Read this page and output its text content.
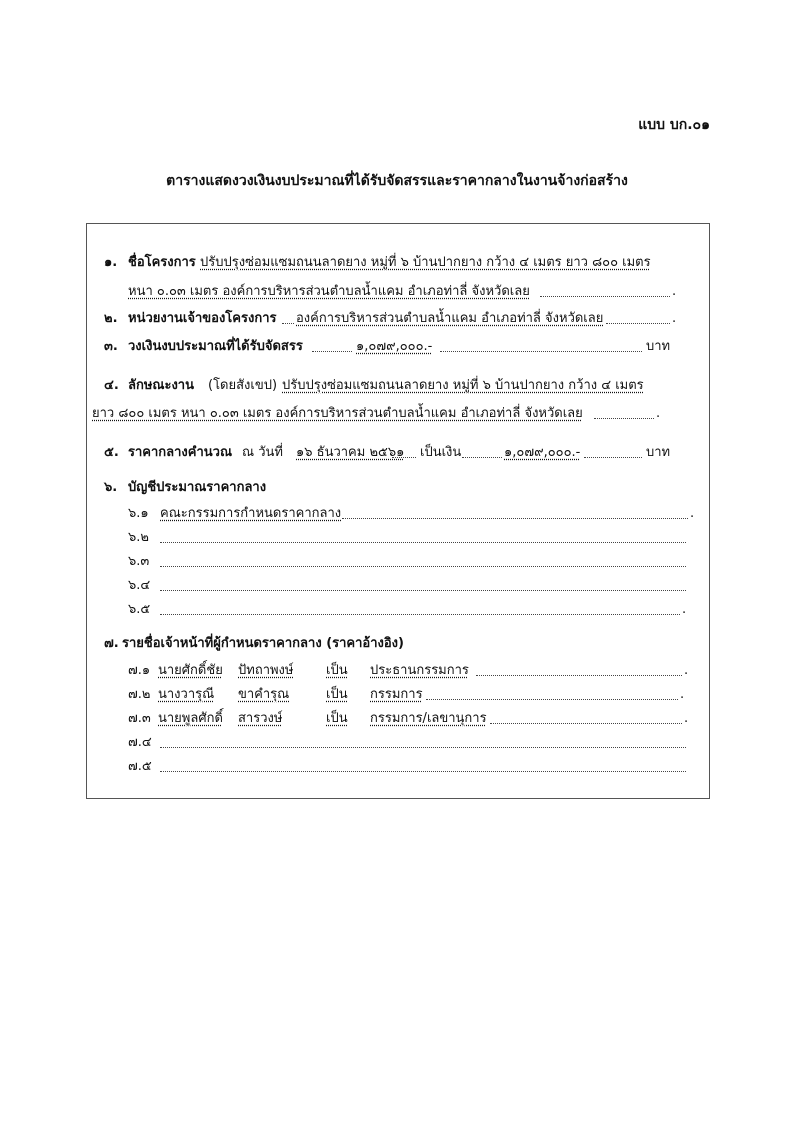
แบบ บก.๐๑
ตารางแสดงวงเงินงบประมาณที่ได้รับจัดสรรและราคากลางในงานจ้างก่อสร้าง
๑. ชื่อโครงการ ปรับปรุงซ่อมแซมถนนลาดยาง หมู่ที่ ๖ บ้านปากยาง กว้าง ๔ เมตร ยาว ๘๐๐ เมตร
หนา ๐.๐๓ เมตร องค์การบริหารส่วนตำบลน้ำแคม อำเภอท่าลี่ จังหวัดเลย	.
๒. หน่วยงานเจ้าของโครงการ องค์การบริหารส่วนตำบลน้ำแคม อำเภอท่าลี่ จังหวัดเลย	.
๓. วงเงินงบประมาณที่ได้รับจัดสรร	๑,๐๗๙,๐๐๐.-	บาท
๔. ลักษณะงาน (โดยสังเขป) ปรับปรุงซ่อมแซมถนนลาดยาง หมู่ที่ ๖ บ้านปากยาง กว้าง ๔ เมตร
ยาว ๘๐๐ เมตร หนา ๐.๐๓ เมตร องค์การบริหารส่วนตำบลน้ำแคม อำเภอท่าลี่ จังหวัดเลย	.
๕. ราคากลางคำนวณ ณ วันที่ ๑๖ ธันวาคม ๒๕๖๑ เป็นเงิน	๑,๐๗๙,๐๐๐.-	บาท
๖. บัญชีประมาณราคากลาง
๖.๑ คณะกรรมการกำหนดราคากลาง	.
๖.๒
๖.๓
๖.๔
๖.๕	.
๗. รายชื่อเจ้าหน้าที่ผู้กำหนดราคากลาง (ราคาอ้างอิง)
๗.๑ นายศักดิ์ชัย ปัทถาพงษ์	เป็น ประธานกรรมการ	.
๗.๒ นางวารุณี ขาคำรุณ	เป็น กรรมการ	.
๗.๓ นายพูลศักดิ์ สารวงษ์	เป็น กรรมการ/เลขานุการ	.
๗.๔
๗.๕
